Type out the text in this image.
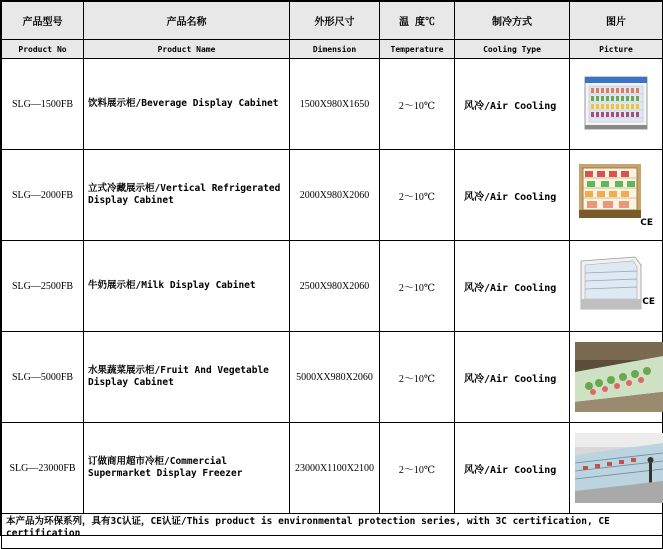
产品型号	产品名称	外形尺寸	温 度℃	制冷方式	图片
Product No	Product Name	Dimension	Temperature	Cooling Type	Picture
SLG—1500FB	饮料展示柜/Beverage Display Cabinet	1500X980X1650	2～10℃	风冷/Air Cooling	

SLG—2000FB	立式冷藏展示柜/Vertical Refrigerated Display Cabinet	2000X980X2060	2～10℃	风冷/Air Cooling	CE

SLG—2500FB	牛奶展示柜/Milk Display Cabinet	2500X980X2060	2～10℃	风冷/Air Cooling	CE

SLG—5000FB	水果蔬菜展示柜/Fruit And Vegetable Display Cabinet	5000XX980X2060	2～10℃	风冷/Air Cooling	

SLG—23000FB	订做商用超市冷柜/Commercial Supermarket Display Freezer	23000X1100X2100	2～10℃	风冷/Air Cooling	

本产品为环保系列，具有3C认证，CE认证/This product is environmental protection series, with 3C certification, CE certification					
